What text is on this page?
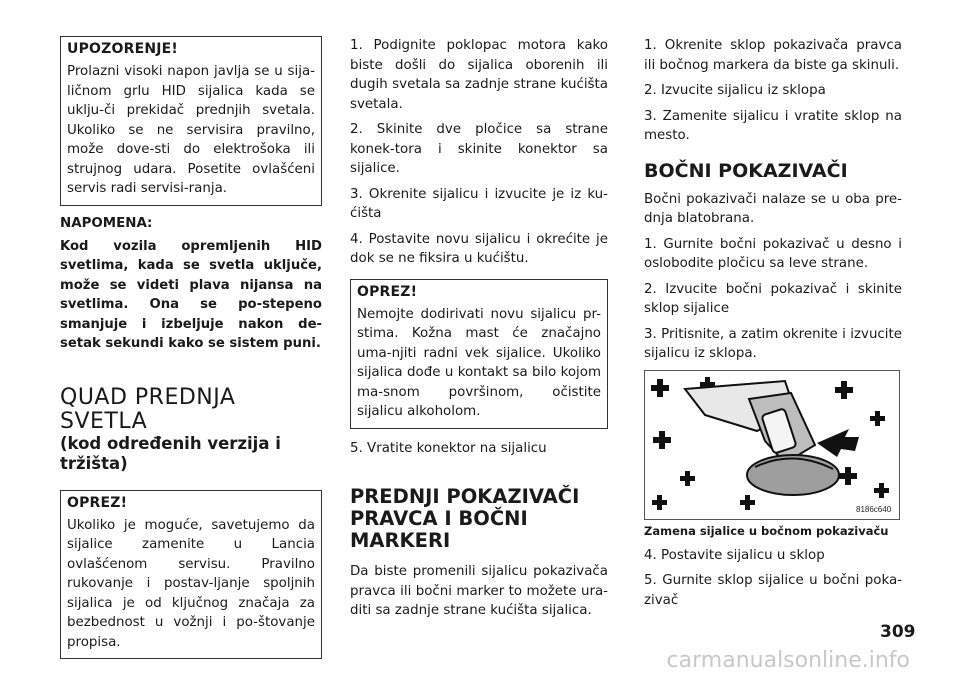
UPOZORENJE!

Prolazni visoki napon javlja se u sija-ličnom grlu HID sijalica kada se uklju-či prekidač prednjih svetala. Ukoliko se ne servisira pravilno, može dove-sti do elektrošoka ili strujnog udara. Posetite ovlašćeni servis radi servisi-ranja.

NAPOMENA:

Kod vozila opremljenih HID svetlima, kada se svetla uključe, može se videti plava nijansa na svetlima. Ona se po-stepeno smanjuje i izbeljuje nakon de-setak sekundi kako se sistem puni.

QUAD PREDNJA SVETLA
(kod određenih verzija i tržišta)
OPREZ!

Ukoliko je moguće, savetujemo da sijalice zamenite u Lancia ovlašćenom servisu. Pravilno rukovanje i postav-ljanje spoljnih sijalica je od ključnog značaja za bezbednost u vožnji i po-štovanje propisa.

1. Podignite poklopac motora kako biste došli do sijalica oborenih ili dugih svetala sa zadnje strane kućišta svetala.

2. Skinite dve pločice sa strane konek-tora i skinite konektor sa sijalice.

3. Okrenite sijalicu i izvucite je iz ku-ćišta

4. Postavite novu sijalicu i okrećite je dok se ne fiksira u kućištu.

OPREZ!

Nemojte dodirivati novu sijalicu pr-stima. Kožna mast će značajno uma-njiti radni vek sijalice. Ukoliko sijalica dođe u kontakt sa bilo kojom ma-snom površinom, očistite sijalicu alkoholom.

5. Vratite konektor na sijalicu

PREDNJI POKAZIVAČI
PRAVCA I BOČNI
MARKERI

Da biste promenili sijalicu pokazivača pravca ili bočni marker to možete ura-diti sa zadnje strane kućišta sijalica.

1. Okrenite sklop pokazivača pravca ili bočnog markera da biste ga skinuli.

2. Izvucite sijalicu iz sklopa

3. Zamenite sijalicu i vratite sklop na mesto.

BOČNI POKAZIVAČI

Bočni pokazivači nalaze se u oba pre-dnja blatobrana.

1. Gurnite bočni pokazivač u desno i oslobodite pločicu sa leve strane.

2. Izvucite bočni pokazivač i skinite sklop sijalice

3. Pritisnite, a zatim okrenite i izvucite sijalicu iz sklopa.

8186c640
Zamena sijalice u bočnom pokazivaču

4. Postavite sijalicu u sklop

5. Gurnite sklop sijalice u bočni poka-zivač

309
carmanualsonline.info
